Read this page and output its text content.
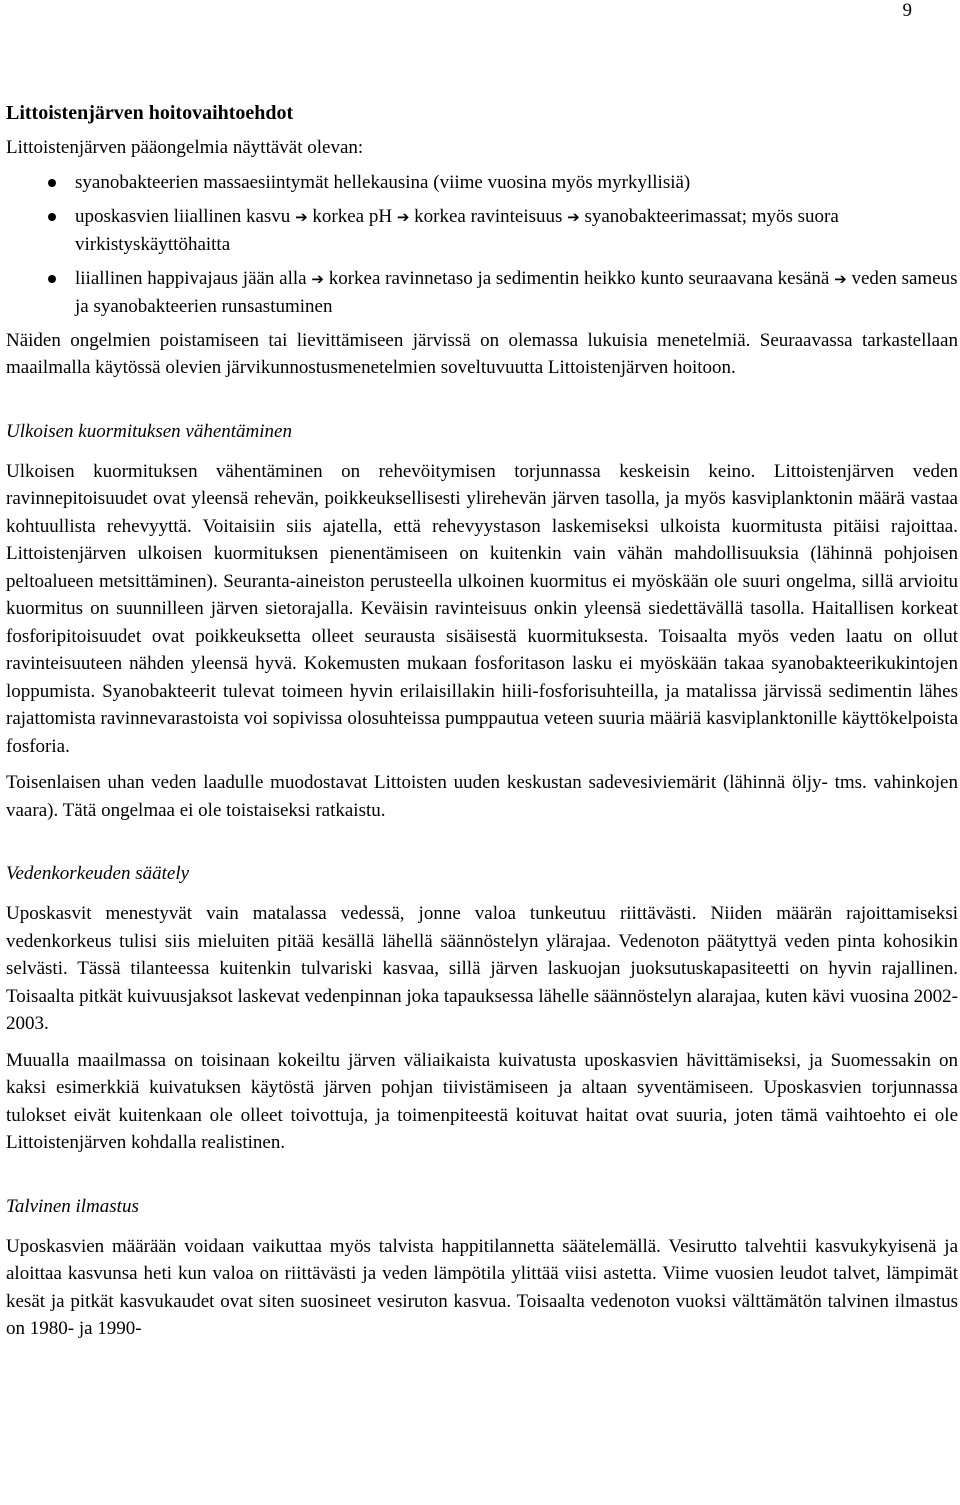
9
Littoistenjärven hoitovaihtoehdot

Littoistenjärven pääongelmia näyttävät olevan:

syanobakteerien massaesiintymät hellekausina (viime vuosina myös myrkyllisiä)
uposkasvien liiallinen kasvu ➔ korkea pH ➔ korkea ravinteisuus ➔ syanobakteerimassat; myös suora virkistyskäyttöhaitta
liiallinen happivajaus jään alla ➔ korkea ravinnetaso ja sedimentin heikko kunto seuraavana kesänä ➔ veden sameus ja syanobakteerien runsastuminen

Näiden ongelmien poistamiseen tai lievittämiseen järvissä on olemassa lukuisia menetelmiä. Seuraavassa tarkastellaan maailmalla käytössä olevien järvikunnostusmenetelmien soveltuvuutta Littoistenjärven hoitoon.

Ulkoisen kuormituksen vähentäminen

Ulkoisen kuormituksen vähentäminen on rehevöitymisen torjunnassa keskeisin keino. Littoistenjärven veden ravinnepitoisuudet ovat yleensä rehevän, poikkeuksellisesti ylirehevän järven tasolla, ja myös kasviplanktonin määrä vastaa kohtuullista rehevyyttä. Voitaisiin siis ajatella, että rehevyystason laskemiseksi ulkoista kuormitusta pitäisi rajoittaa. Littoistenjärven ulkoisen kuormituksen pienentämiseen on kuitenkin vain vähän mahdollisuuksia (lähinnä pohjoisen peltoalueen metsittäminen). Seuranta-aineiston perusteella ulkoinen kuormitus ei myöskään ole suuri ongelma, sillä arvioitu kuormitus on suunnilleen järven sietorajalla. Keväisin ravinteisuus onkin yleensä siedettävällä tasolla. Haitallisen korkeat fosforipitoisuudet ovat poikkeuksetta olleet seurausta sisäisestä kuormituksesta. Toisaalta myös veden laatu on ollut ravinteisuuteen nähden yleensä hyvä. Kokemusten mukaan fosforitason lasku ei myöskään takaa syanobakteerikukintojen loppumista. Syanobakteerit tulevat toimeen hyvin erilaisillakin hiili-fosforisuhteilla, ja matalissa järvissä sedimentin lähes rajattomista ravinnevarastoista voi sopivissa olosuhteissa pumppautua veteen suuria määriä kasviplanktonille käyttökelpoista fosforia.

Toisenlaisen uhan veden laadulle muodostavat Littoisten uuden keskustan sadevesiviemärit (lähinnä öljy- tms. vahinkojen vaara). Tätä ongelmaa ei ole toistaiseksi ratkaistu.

Vedenkorkeuden säätely

Uposkasvit menestyvät vain matalassa vedessä, jonne valoa tunkeutuu riittävästi. Niiden määrän rajoittamiseksi vedenkorkeus tulisi siis mieluiten pitää kesällä lähellä säännöstelyn ylärajaa. Vedenoton päätyttyä veden pinta kohosikin selvästi. Tässä tilanteessa kuitenkin tulvariski kasvaa, sillä järven laskuojan juoksutuskapasiteetti on hyvin rajallinen. Toisaalta pitkät kuivuusjaksot laskevat vedenpinnan joka tapauksessa lähelle säännöstelyn alarajaa, kuten kävi vuosina 2002-2003.

Muualla maailmassa on toisinaan kokeiltu järven väliaikaista kuivatusta uposkasvien hävittämiseksi, ja Suomessakin on kaksi esimerkkiä kuivatuksen käytöstä järven pohjan tiivistämiseen ja altaan syventämiseen. Uposkasvien torjunnassa tulokset eivät kuitenkaan ole olleet toivottuja, ja toimenpiteestä koituvat haitat ovat suuria, joten tämä vaihtoehto ei ole Littoistenjärven kohdalla realistinen.

Talvinen ilmastus

Uposkasvien määrään voidaan vaikuttaa myös talvista happitilannetta säätelemällä. Vesirutto talvehtii kasvukykyisenä ja aloittaa kasvunsa heti kun valoa on riittävästi ja veden lämpötila ylittää viisi astetta. Viime vuosien leudot talvet, lämpimät kesät ja pitkät kasvukaudet ovat siten suosineet vesiruton kasvua. Toisaalta vedenoton vuoksi välttämätön talvinen ilmastus on 1980- ja 1990-
